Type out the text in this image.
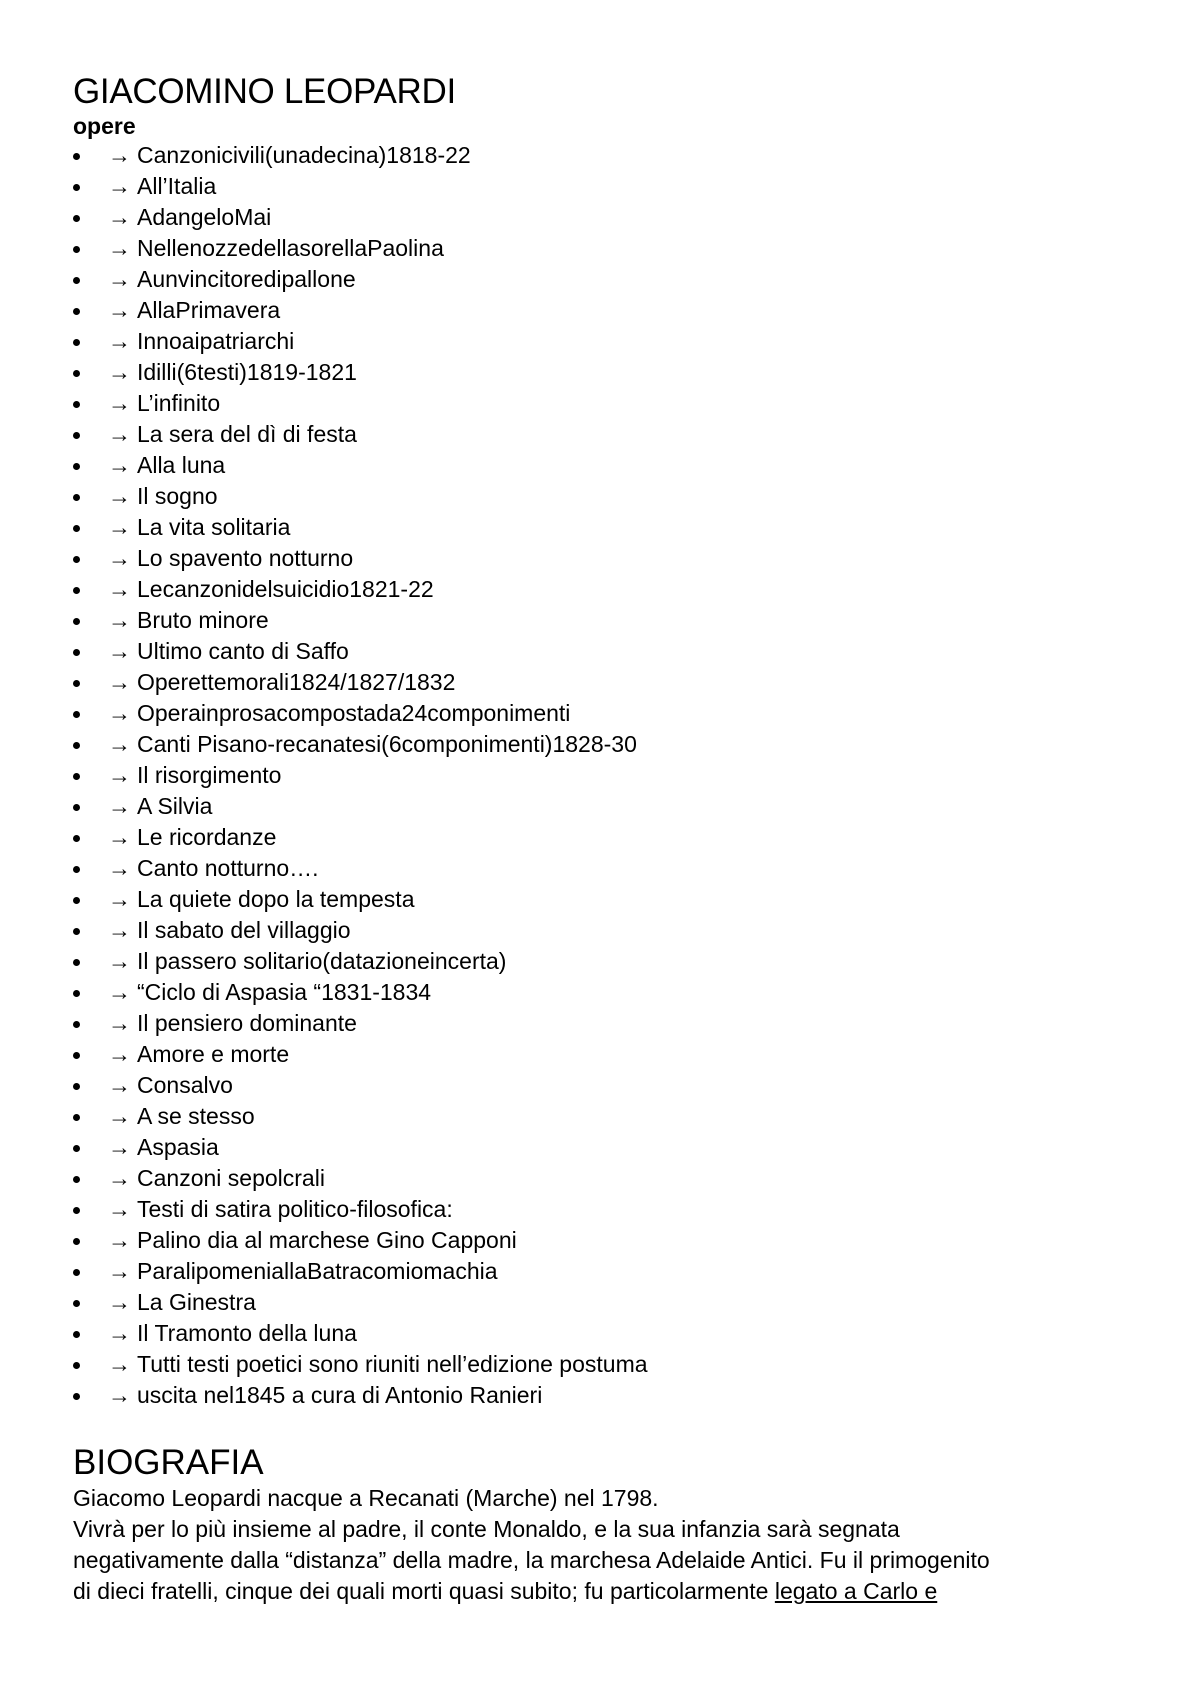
GIACOMINO LEOPARDI
opere
→ Canzonicivili(unadecina)1818-22
→ All’Italia
→ AdangeloMai
→ NellenozzedellasorellaPaolina
→ Aunvincitoredipallone
→ AllaPrimavera
→ Innoaipatriarchi
→ Idilli(6testi)1819-1821
→ L’infinito
→ La sera del dì di festa
→ Alla luna
→ Il sogno
→ La vita solitaria
→ Lo spavento notturno
→ Lecanzonidelsuicidio1821-22
→ Bruto minore
→ Ultimo canto di Saffo
→ Operettemorali1824/1827/1832
→ Operainprosacompostada24componimenti
→ Canti Pisano-recanatesi(6componimenti)1828-30
→ Il risorgimento
→ A Silvia
→ Le ricordanze
→ Canto notturno….
→ La quiete dopo la tempesta
→ Il sabato del villaggio
→ Il passero solitario(datazioneincerta)
→ “Ciclo di Aspasia “1831-1834
→ Il pensiero dominante
→ Amore e morte
→ Consalvo
→ A se stesso
→ Aspasia
→ Canzoni sepolcrali
→ Testi di satira politico-filosofica:
→ Palino dia al marchese Gino Capponi
→ ParalipomeniallaBatracomiomachia
→ La Ginestra
→ Il Tramonto della luna
→ Tutti testi poetici sono riuniti nell’edizione postuma
→ uscita nel1845 a cura di Antonio Ranieri
BIOGRAFIA

Giacomo Leopardi nacque a Recanati (Marche) nel 1798.

Vivrà per lo più insieme al padre, il conte Monaldo, e la sua infanzia sarà segnata

negativamente dalla “distanza” della madre, la marchesa Adelaide Antici. Fu il primogenito

di dieci fratelli, cinque dei quali morti quasi subito; fu particolarmente legato a Carlo e
